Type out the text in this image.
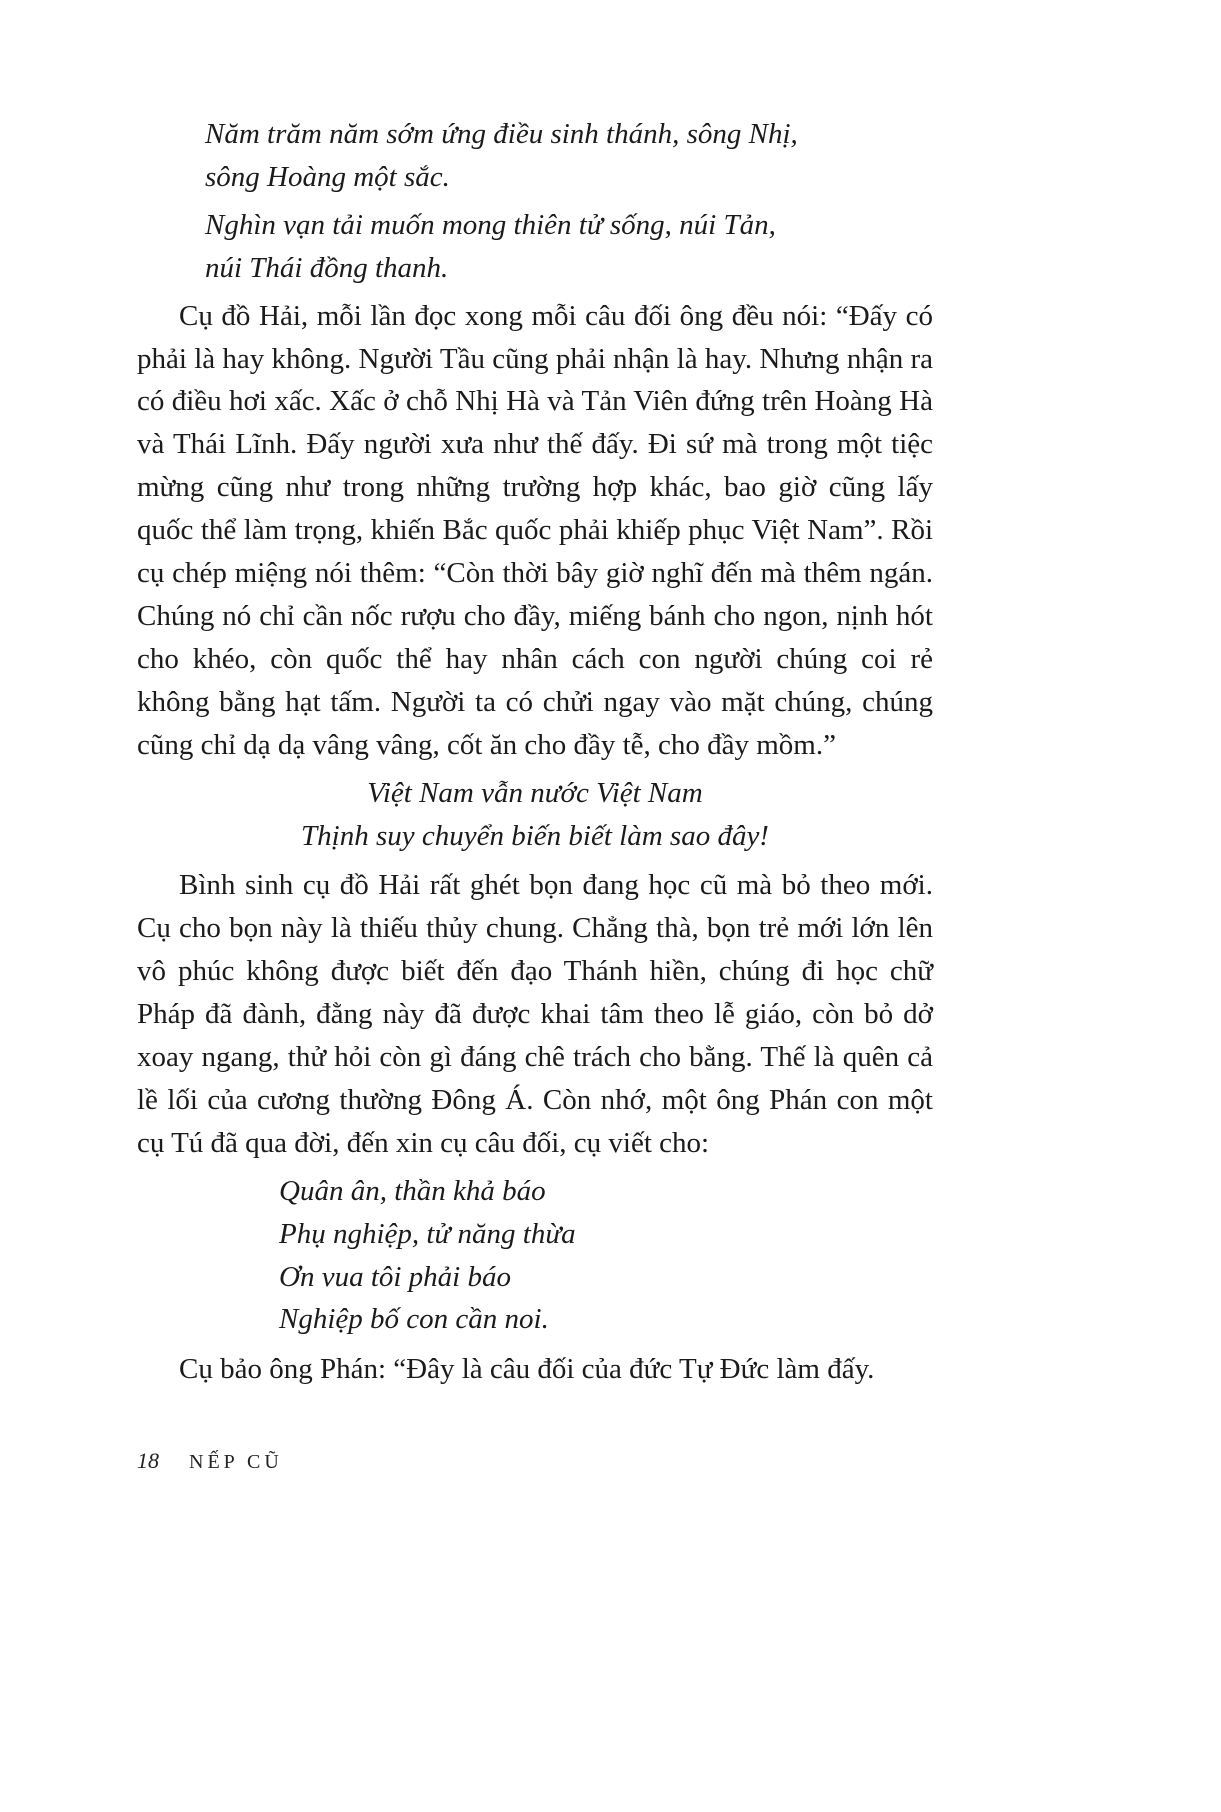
Năm trăm năm sớm ứng điều sinh thánh, sông Nhị,

sông Hoàng một sắc.

Nghìn vạn tải muốn mong thiên tử sống, núi Tản,

núi Thái đồng thanh.

Cụ đồ Hải, mỗi lần đọc xong mỗi câu đối ông đều nói: “Đấy có phải là hay không. Người Tầu cũng phải nhận là hay. Nhưng nhận ra có điều hơi xấc. Xấc ở chỗ Nhị Hà và Tản Viên đứng trên Hoàng Hà và Thái Lĩnh. Đấy người xưa như thế đấy. Đi sứ mà trong một tiệc mừng cũng như trong những trường hợp khác, bao giờ cũng lấy quốc thể làm trọng, khiến Bắc quốc phải khiếp phục Việt Nam”. Rồi cụ chép miệng nói thêm: “Còn thời bây giờ nghĩ đến mà thêm ngán. Chúng nó chỉ cần nốc rượu cho đầy, miếng bánh cho ngon, nịnh hót cho khéo, còn quốc thể hay nhân cách con người chúng coi rẻ không bằng hạt tấm. Người ta có chửi ngay vào mặt chúng, chúng cũng chỉ dạ dạ vâng vâng, cốt ăn cho đầy tễ, cho đầy mồm.”

Việt Nam vẫn nước Việt Nam

Thịnh suy chuyển biến biết làm sao đây!

Bình sinh cụ đồ Hải rất ghét bọn đang học cũ mà bỏ theo mới. Cụ cho bọn này là thiếu thủy chung. Chẳng thà, bọn trẻ mới lớn lên vô phúc không được biết đến đạo Thánh hiền, chúng đi học chữ Pháp đã đành, đằng này đã được khai tâm theo lễ giáo, còn bỏ dở xoay ngang, thử hỏi còn gì đáng chê trách cho bằng. Thế là quên cả lề lối của cương thường Đông Á. Còn nhớ, một ông Phán con một cụ Tú đã qua đời, đến xin cụ câu đối, cụ viết cho:

Quân ân, thần khả báo

Phụ nghiệp, tử năng thừa

Ơn vua tôi phải báo

Nghiệp bố con cần noi.

Cụ bảo ông Phán: “Đây là câu đối của đức Tự Đức làm đấy.

18 NẾP CŨ
